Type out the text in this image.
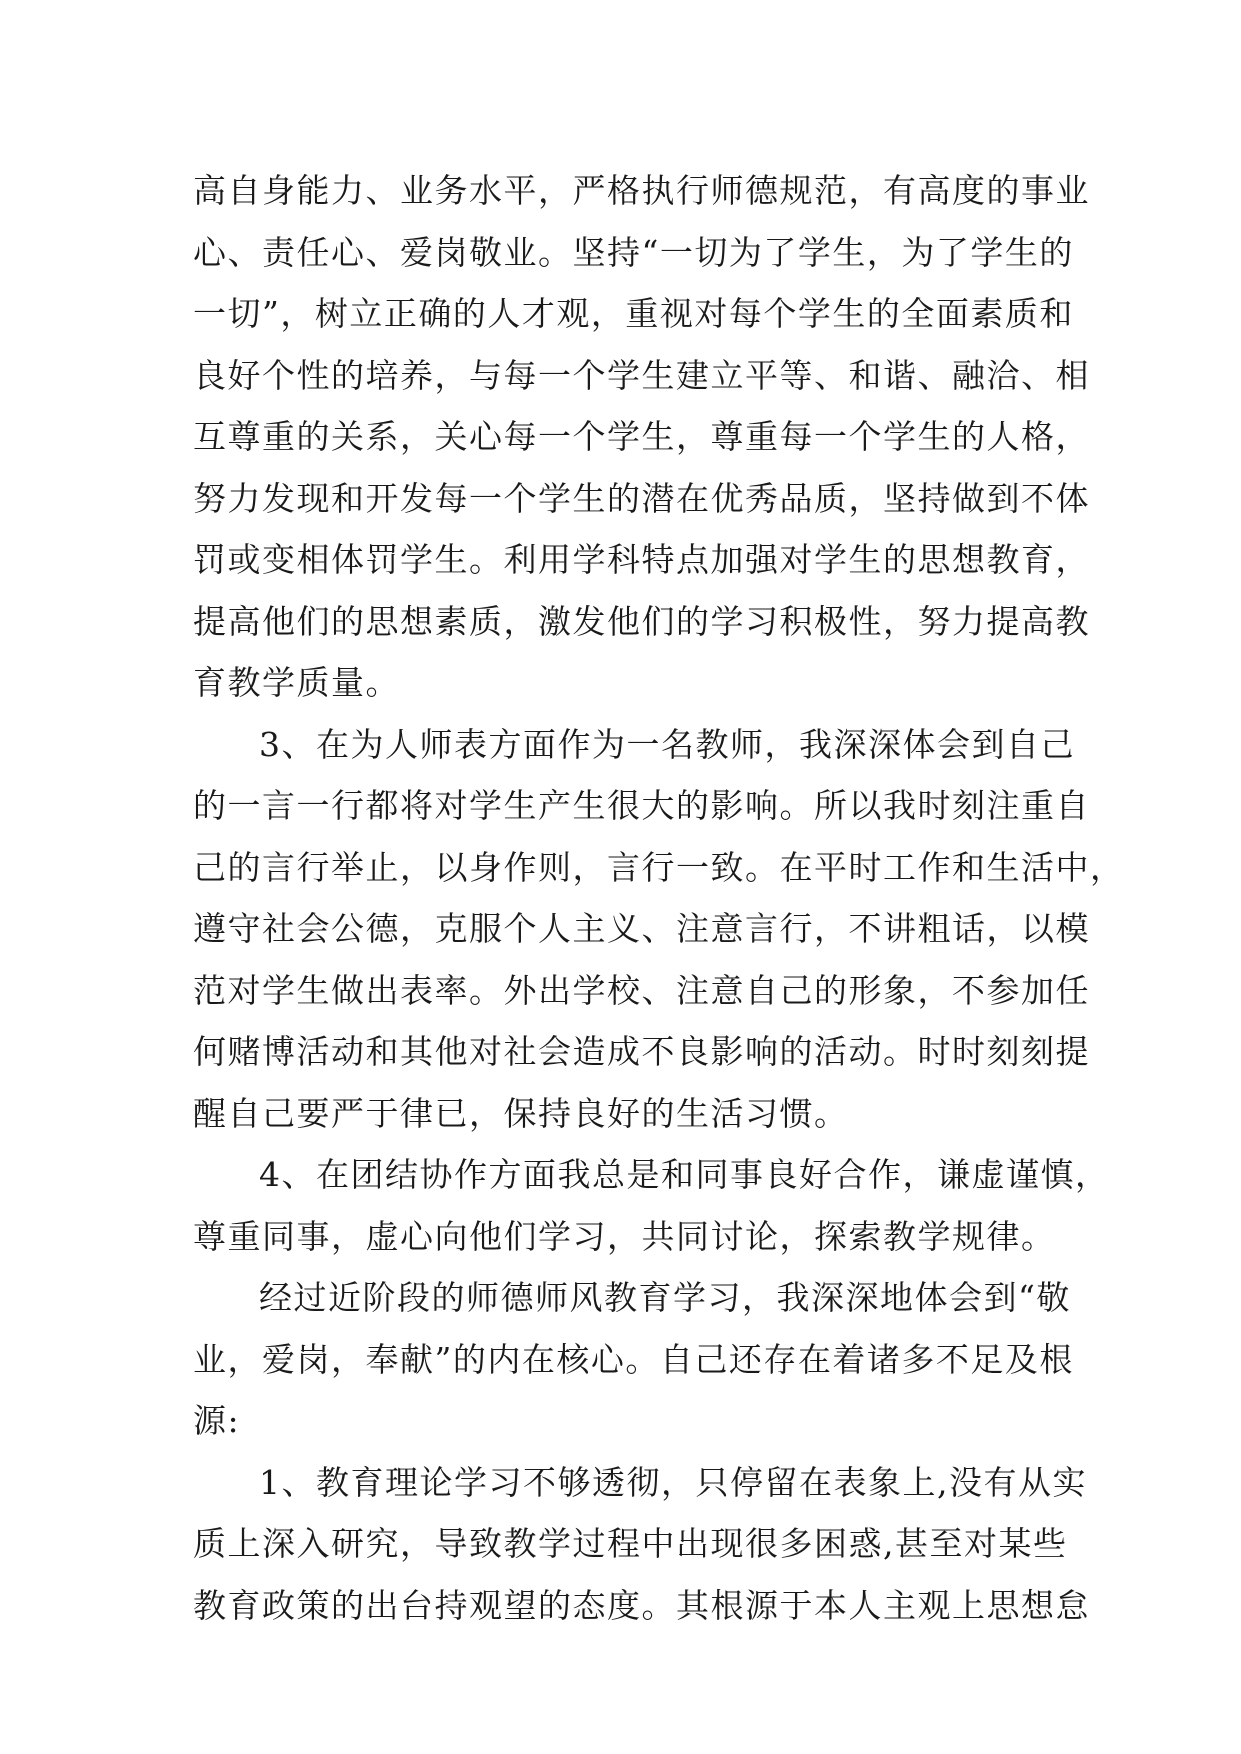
高自身能力、业务水平，严格执行师德规范，有高度的事业
心、责任心、爱岗敬业。坚持“一切为了学生，为了学生的
一切”，树立正确的人才观，重视对每个学生的全面素质和
良好个性的培养，与每一个学生建立平等、和谐、融洽、相
互尊重的关系，关心每一个学生，尊重每一个学生的人格，
努力发现和开发每一个学生的潜在优秀品质，坚持做到不体
罚或变相体罚学生。利用学科特点加强对学生的思想教育，
提高他们的思想素质，激发他们的学习积极性，努力提高教
育教学质量。
3、在为人师表方面作为一名教师，我深深体会到自己
的一言一行都将对学生产生很大的影响。所以我时刻注重自
己的言行举止，以身作则，言行一致。在平时工作和生活中，
遵守社会公德，克服个人主义、注意言行，不讲粗话，以模
范对学生做出表率。外出学校、注意自己的形象，不参加任
何赌博活动和其他对社会造成不良影响的活动。时时刻刻提
醒自己要严于律已，保持良好的生活习惯。
4、在团结协作方面我总是和同事良好合作，谦虚谨慎，
尊重同事，虚心向他们学习，共同讨论，探索教学规律。
经过近阶段的师德师风教育学习，我深深地体会到“敬
业，爱岗，奉献”的内在核心。自己还存在着诸多不足及根
源:
1、教育理论学习不够透彻，只停留在表象上,没有从实
质上深入研究，导致教学过程中出现很多困惑,甚至对某些
教育政策的出台持观望的态度。其根源于本人主观上思想怠
